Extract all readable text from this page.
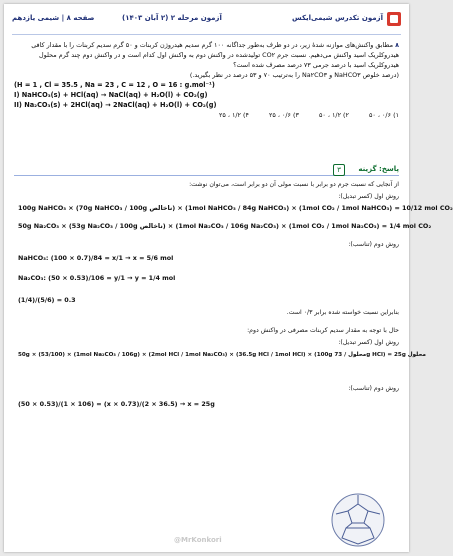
آزمون تکدرس شیمی‌ایکس
آزمون مرحله ۲ (۲ آبان ۱۴۰۳)
صفحه ۸ | شیمی یازدهم

۸ مطابق واکنش‌های موازنه شدهٔ زیر، در دو ظرف به‌طور جداگانه ۱۰۰ گرم سدیم هیدروژن کربنات و ۵۰ گرم سدیم کربنات را با مقدار کافی هیدروکلریک اسید واکنش می‌دهیم. نسبت جرم CO۲ تولیدشده در واکنش دوم به واکنش اول کدام است و در واکنش دوم چند گرم محلول هیدروکلریک اسید با درصد جرمی ۷۳ درصد مصرف شده است؟

(درصد خلوص NaHCO۳ و Na۲CO۳ را به‌ترتیب ۷۰ و ۵۳ درصد در نظر بگیرید.)

(H = 1 , Cl = 35.5 , Na = 23 , C = 12 , O = 16 : g.mol⁻¹)

I) NaHCO₃(s) + HCl(aq) → NaCl(aq) + H₂O(l) + CO₂(g)

II) Na₂CO₃(s) + 2HCl(aq) → 2NaCl(aq) + H₂O(l) + CO₂(g)

۱) ۰/۶ ، ۵۰
۲) ۱/۲ ، ۵۰
۳) ۰/۶ ، ۲۵
۴) ۱/۲ ، ۲۵
پاسخ: گزینه
۳
از آنجایی که نسبت جرم دو برابر با نسبت مولی آن دو برابر است، می‌توان نوشت:
روش اول (کسر تبدیل):
100g NaHCO₃ × (70g NaHCO₃ / 100g ناخالص) × (1mol NaHCO₃ / 84g NaHCO₃) × (1mol CO₂ / 1mol NaHCO₃) = 10/12 mol CO₂
50g Na₂CO₃ × (53g Na₂CO₃ / 100g ناخالص) × (1mol Na₂CO₃ / 106g Na₂CO₃) × (1mol CO₂ / 1mol Na₂CO₃) = 1/4 mol CO₂
روش دوم (تناسب):
NaHCO₃: (100 × 0.7)/84 = x/1 → x = 5/6 mol
Na₂CO₃: (50 × 0.53)/106 = y/1 → y = 1/4 mol
(1/4)/(5/6) = 0.3
بنابراین نسبت خواسته شده برابر ۰/۳ است.
حال با توجه به مقدار سدیم کربنات مصرفی در واکنش دوم:
روش اول (کسر تبدیل):
50g × (53/100) × (1mol Na₂CO₃ / 106g) × (2mol HCl / 1mol Na₂CO₃) × (36.5g HCl / 1mol HCl) × (100g محلول / 73g HCl) = 25g محلول
روش دوم (تناسب):
(50 × 0.53)/(1 × 106) = (x × 0.73)/(2 × 36.5) → x = 25g
@MrKonkori
